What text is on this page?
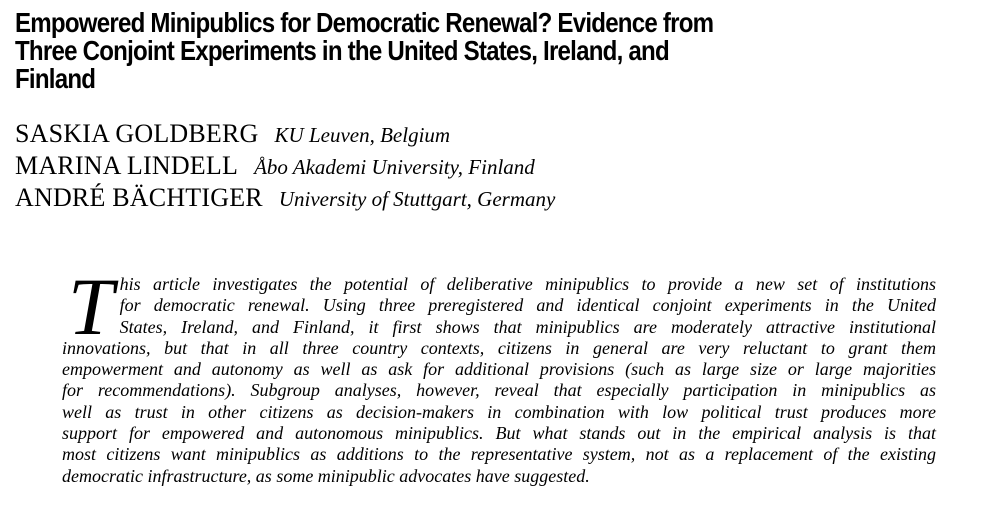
Empowered Minipublics for Democratic Renewal? Evidence from
Three Conjoint Experiments in the United States, Ireland, and
Finland
SASKIA GOLDBERG KU Leuven, Belgium
MARINA LINDELL Åbo Akademi University, Finland
ANDRÉ BÄCHTIGER University of Stuttgart, Germany
T his article investigates the potential of deliberative minipublics to provide a new set of institutions
for democratic renewal. Using three preregistered and identical conjoint experiments in the United
States, Ireland, and Finland, it first shows that minipublics are moderately attractive institutional
innovations, but that in all three country contexts, citizens in general are very reluctant to grant them
empowerment and autonomy as well as ask for additional provisions (such as large size or large majorities
for recommendations). Subgroup analyses, however, reveal that especially participation in minipublics as
well as trust in other citizens as decision-makers in combination with low political trust produces more
support for empowered and autonomous minipublics. But what stands out in the empirical analysis is that
most citizens want minipublics as additions to the representative system, not as a replacement of the existing
democratic infrastructure, as some minipublic advocates have suggested.
